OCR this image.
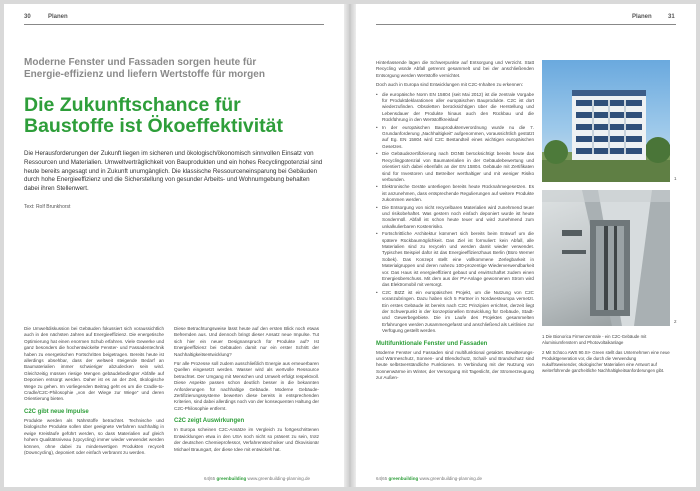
30	Planen
Moderne Fenster und Fassaden sorgen heute für Energie-effizienz und liefern Wertstoffe für morgen
Die Zukunftschance für Baustoffe ist Ökoeffektivität
Die Herausforderungen der Zukunft liegen im sicheren und ökologisch/ökonomisch sinnvollen Einsatz von Ressourcen und Materialien. Umweltverträglichkeit von Bauprodukten und ein hohes Recyclingpotenzial sind heute bereits angesagt und in Zukunft unumgänglich. Die klassische Ressourceneinsparung bei Gebäuden durch hohe Energieeffizienz und die Sicherstellung von gesunder Arbeits- und Wohnumgebung behalten dabei ihren Stellenwert.
Text: Rolf Brunkhorst

Die Umweltdiskussion bei Gebäuden fokussiert sich voraussichtlich auch in den nächsten Jahren auf Energieeffizienz. Die energetische Optimierung hat einen enormen Schub erfahren. Viele Gewerke und ganz besonders die hochentwickelte Fenster- und Fassadentechnik haben zu energetischen Fortschritten beigetragen. Bereits heute ist allerdings absehbar, dass der weltweit steigende Bedarf an Baumaterialien immer schwieriger abzudecken sein wird. Gleichzeitig müssen riesige Mengen gebäudebedingter Abfälle auf Deponien entsorgt werden. Daher ist es an der Zeit, ökologische Wege zu gehen. Im vorliegenden Beitrag geht es um die Cradle-to-Cradle/C2C-Philosophie „von der Wiege zur Wiege“ und deren Orientierung bieten.

C2C gibt neue Impulse

Produkte werden als Nährstoffe betrachtet. Technische und biologische Produkte sollen über geeignete Verfahren nachhaltig in ewige Kreisläufe geführt werden, so dass Materialien auf gleich hohem Qualitätsniveau (Upcycling) immer wieder verwendet werden können, ohne dabei zu minderwertigen Produkten recycelt (Downcycling), deponiert oder einfach verbrannt zu werden.

Diese Betrachtungsweise lässt heute auf den ersten Blick noch etwas Befremden aus. Und dennoch bringt dieser Ansatz neue Impulse. Tut sich hier ein neuer Designanspruch für Produkte auf? Ist Energieeffizienz bei Gebäuden damit nur ein erster Schritt der Nachhaltigkeitsentwicklung?

Für alle Prozesse soll zudem ausschließlich Energie aus erneuerbaren Quellen eingesetzt werden. Wasser wird als wertvolle Ressource betrachtet. Der Umgang mit Menschen und Umwelt erfolgt respektvoll. Diese Aspekte passen schon deutlich besser in die bekannten Anforderungen für nachhaltige Gebäude. Moderne Gebäude-Zertifizierungssysteme bewerten diese bereits in entsprechenden Kriterien, sind dabei allerdings noch von der konsequenten Haltung der C2C-Philosophie entfernt.

C2C zeigt Auswirkungen

In Europa scheinen C2C-Ansätze im Vergleich zu fortgeschrittenen Entwicklungen etwa in den USA noch nicht so präsent zu sein, trotz der deutschen Chemieprofessor, Verfahrenstechniker und Ökovisionär Michael Braungart, der diese Idee mit entwickelt hat.

64|65 greenbuilding www.greenbuilding-planning.de
Planen	31

Hinterlassende lägen die Schwerpunkte auf Entsorgung und Verzicht. Statt Recycling würde Abfall getrennt gesammelt und bei der anschließenden Entsorgung werden Wertstoffe vernichtet.

Doch auch in Europa sind Entwicklungen mit C2C-Inhalten zu erkennen:

• die europäische Norm EN 15804 (seit Mai 2012) ist die zentrale Vorgabe für Produktdeklarationen aller europäischen Bauprodukte. C2C ist dort wiederzufinden. Obsoletten berücksichtigen über die Herstellung und Lebensdauer der Produkte hinaus auch den Rückbau und die Rückführung in den Wertstoffkreislauf
• In der europäischen Bauproduktenverordnung wurde nu die 7. Grundanforderung „Nachhaltigkeit“ aufgenommen, voraussichtlich gestützt auf Eg. EN 15804 wird C2C Bestandteil eines wichtigen europäischen Gesetzes.
• Die Gebäudezertifizierung nach DGNB berücksichtigt bereits heute das Recyclingpotenzial von Baumaterialien in der Gebäudebewertung und orientiert sich dabei ebenfalls an der EN 15804. Gebäude mit Zertifikaten sind für Investoren und Betreiber werthaltiger und mit weniger Risiko verbunden.
• Elektronische Geräte unterliegen bereits heute Rücknahmegesetzen. Es ist anzunehmen, dass entsprechende Regulierungen auf weitere Produkte zukommen werden.
• Die Entsorgung von nicht recycelbaren Materialien wird zunehmend teuer und risikobehaftet. Was gestern noch einfach deponiert wurde ist heute Sondermüll. Abfall ist schon heute teuer und wird zunehmend zum unkalkulierbaren Kostenrisiko.
• Fortschrittliche Architektur kümmert sich bereits beim Entwurf um die spätere Rückbaumöglichkeit. Das Ziel ist formuliert: kein Abfall, alle Materialien sind zu recyceln und werden damit wieder verwendet. Typisches Beispiel dafür ist das Energieeffizienzhaus Berlin (Büro Werner Sobek). Das Konzept stellt eine vollkommene Zerlegbarkeit in Materialgruppen und deren nahezu 100-prozentige Wiederverwendbarkeit vor. Das Haus ist energieeffizient gebaut und erwirtschaftet zudem einen Energieüberschuss. Mit dem aus der PV-Anlage gewonnenen Strom wird das Elektromobil mit versorgt.
• C2C BIZZ ist ein europäisches Projekt, um die Nutzung von C2C voranzubringen. Dazu haben sich 5 Partner in Nordwesteuropa vernetzt. Ein erstes Gebäude ist bereits nach C2C Prinzipien errichtet, derzeit liegt der Schwerpunkt in der konzeptionellen Entwicklung für Gebäude, Stadt- und Gewerbegebiete. Die im Laufe des Projektes gesammelten Erfahrungen werden zusammengefasst und anschließend als Leitlinien zur Verfügung gestellt werden.
Multifunktionale Fenster und Fassaden

Moderne Fenster und Fassaden sind multifunktional getaktet. Bewitterungs- und Wärmeschutz, Sonnen- und Blendschutz, Schall- und Brandschutz sind heute selbstverständliche Funktionen. In Verbindung mit der Nutzung von Sonnenwärme im Winter, der Versorgung mit Tageslicht, der Stromerzeugung zur Außen-

1
2
1 Die Bionorica Firmenzentrale - ein C2C-Gebäude mit Aluminiumfenstern und Photovoltaikanlage
2 Mit Schüco AWS 90.SI+ Green stellt das Unternehmen eine neue Produktgeneration vor, die durch die Verwendung nukulftsweisender, ökologischer Materialien eine Antwort auf weiterführende ganzheitliche Nachhaltigkeitsanforderungen gibt.
64|65 greenbuilding www.greenbuilding-planning.de
